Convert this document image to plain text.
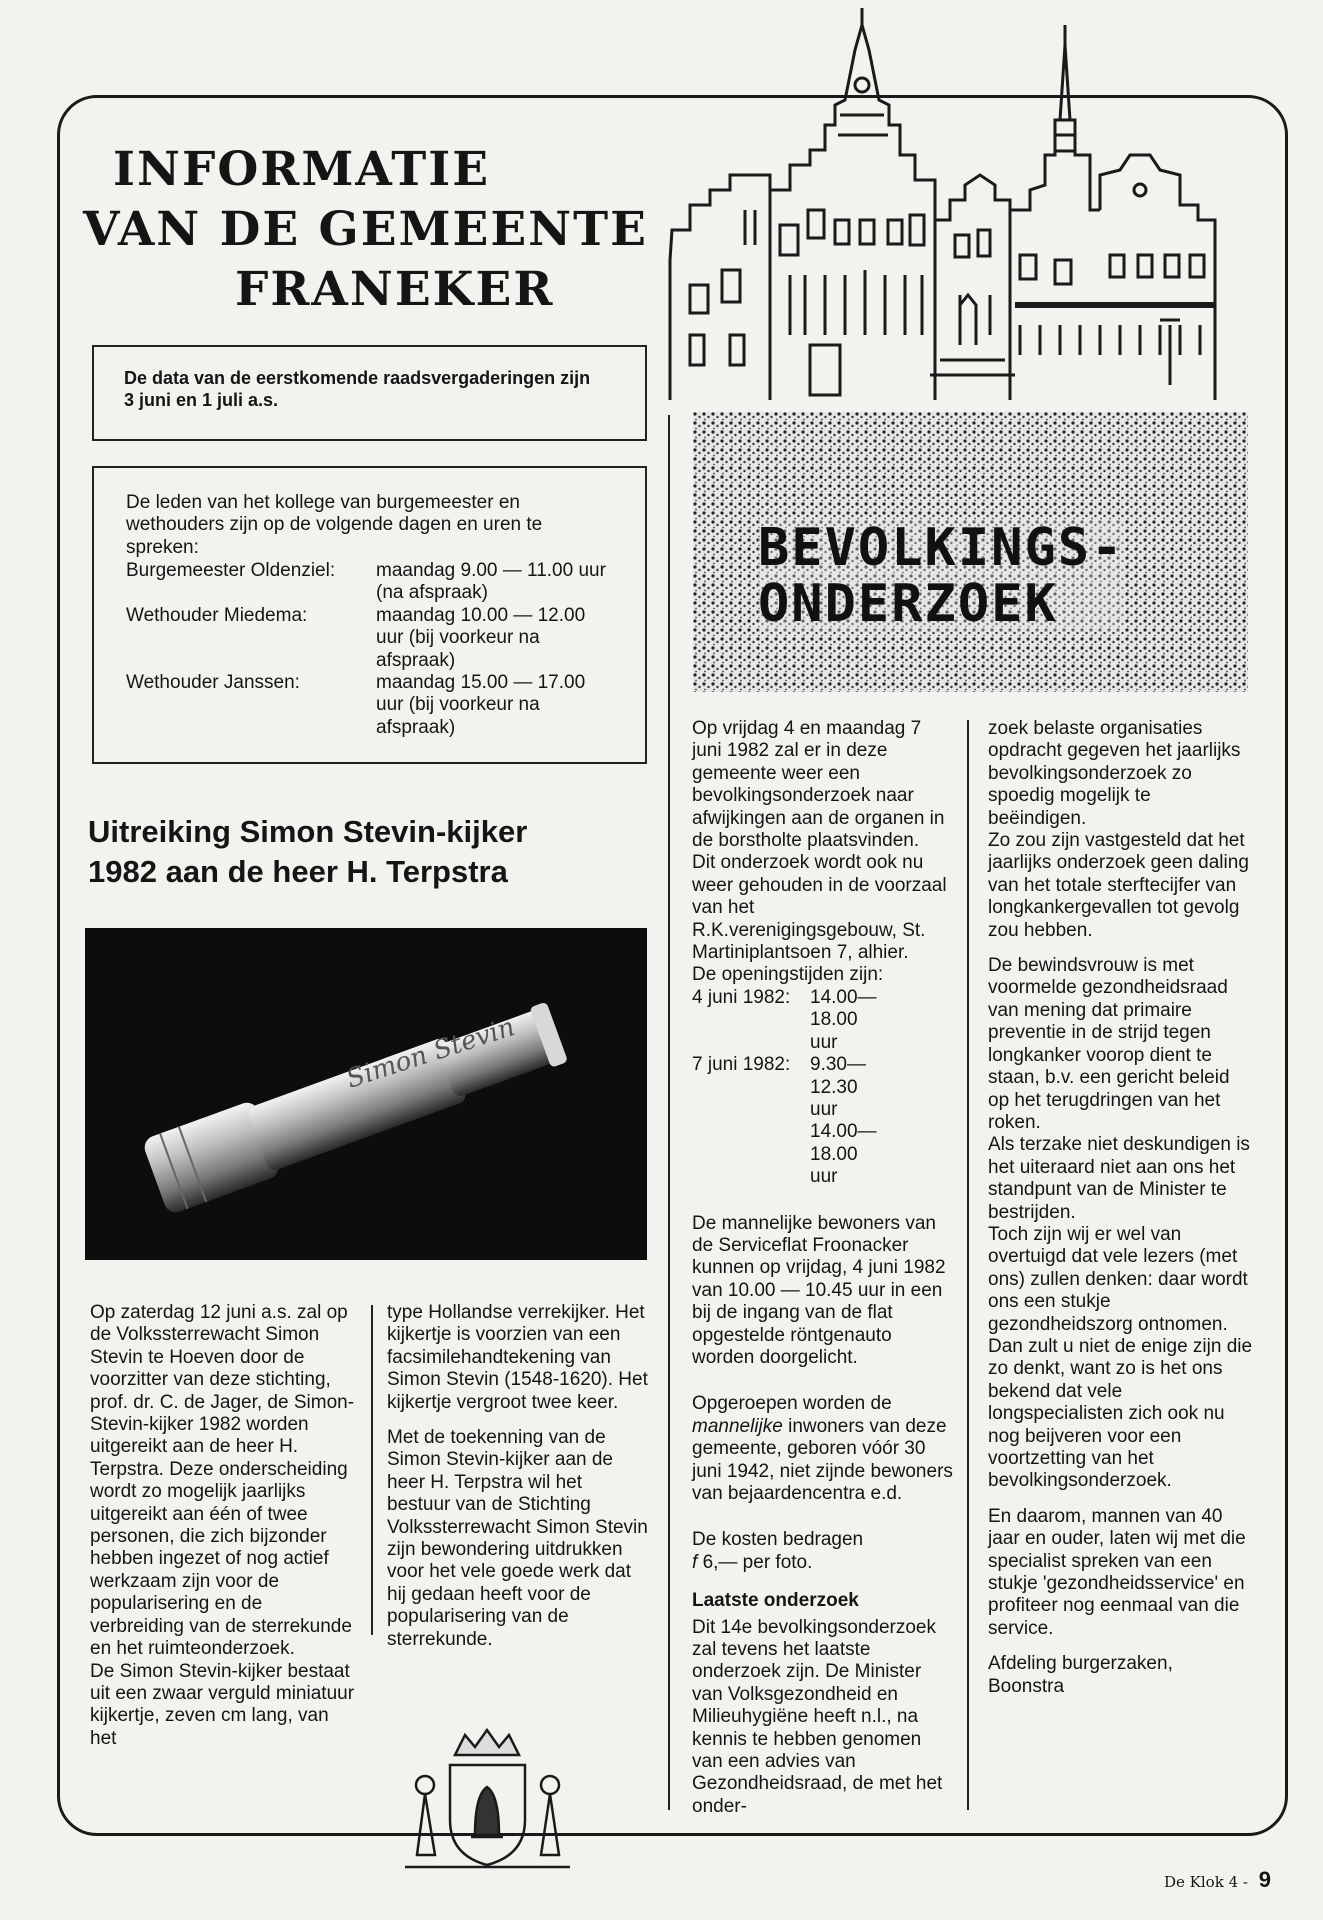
INFORMATIE
VAN DE GEMEENTE
FRANEKER
De data van de eerstkomende raadsvergaderingen zijn 3 juni en 1 juli a.s.
De leden van het kollege van burgemeester en wethouders zijn op de volgende dagen en uren te spreken:
Burgemeester Oldenziel:	maandag 9.00 — 11.00 uur (na afspraak)
Wethouder Miedema:	maandag 10.00 — 12.00 uur (bij voorkeur na afspraak)
Wethouder Janssen:	maandag 15.00 — 17.00 uur (bij voorkeur na afspraak)
Uitreiking Simon Stevin-kijker
1982 aan de heer H. Terpstra
Simon Stevin

Op zaterdag 12 juni a.s. zal op de Volkssterrewacht Simon Stevin te Hoeven door de voorzitter van deze stichting, prof. dr. C. de Jager, de Simon-Stevin-kijker 1982 worden uitgereikt aan de heer H. Terpstra. Deze onderscheiding wordt zo mogelijk jaarlijks uitgereikt aan één of twee personen, die zich bijzonder hebben ingezet of nog actief werkzaam zijn voor de popularisering en de verbreiding van de sterrekunde en het ruimteonderzoek.

De Simon Stevin-kijker bestaat uit een zwaar verguld miniatuur kijkertje, zeven cm lang, van het

type Hollandse verrekijker. Het kijkertje is voorzien van een facsimilehandtekening van Simon Stevin (1548-1620). Het kijkertje vergroot twee keer.

Met de toekenning van de Simon Stevin-kijker aan de heer H. Terpstra wil het bestuur van de Stichting Volkssterrewacht Simon Stevin zijn bewondering uitdrukken voor het vele goede werk dat hij gedaan heeft voor de popularisering van de sterrekunde.

BEVOLKINGS-
ONDERZOEK

Op vrijdag 4 en maandag 7 juni 1982 zal er in deze gemeente weer een bevolkingsonderzoek naar afwijkingen aan de organen in de borstholte plaatsvinden.

Dit onderzoek wordt ook nu weer gehouden in de voorzaal van het R.K.verenigingsgebouw, St. Martiniplantsoen 7, alhier.

De openingstijden zijn:

4 juni 1982:	14.00—18.00 uur
7 juni 1982:	9.30—12.30 uur
14.00—18.00 uur

De mannelijke bewoners van de Serviceflat Froonacker kunnen op vrijdag, 4 juni 1982 van 10.00 — 10.45 uur in een bij de ingang van de flat opgestelde röntgenauto worden doorgelicht.

Opgeroepen worden de mannelijke inwoners van deze gemeente, geboren vóór 30 juni 1942, niet zijnde bewoners van bejaardencentra e.d.

De kosten bedragen
f 6,— per foto.

Laatste onderzoek

Dit 14e bevolkingsonderzoek zal tevens het laatste onderzoek zijn. De Minister van Volksgezondheid en Milieuhygiëne heeft n.l., na kennis te hebben genomen van een advies van Gezondheidsraad, de met het onder-

zoek belaste organisaties opdracht gegeven het jaarlijks bevolkingsonderzoek zo spoedig mogelijk te beëindigen.

Zo zou zijn vastgesteld dat het jaarlijks onderzoek geen daling van het totale sterftecijfer van longkankergevallen tot gevolg zou hebben.

De bewindsvrouw is met voormelde gezondheidsraad van mening dat primaire preventie in de strijd tegen longkanker voorop dient te staan, b.v. een gericht beleid op het terugdringen van het roken.

Als terzake niet deskundigen is het uiteraard niet aan ons het standpunt van de Minister te bestrijden.

Toch zijn wij er wel van overtuigd dat vele lezers (met ons) zullen denken: daar wordt ons een stukje gezondheidszorg ontnomen.

Dan zult u niet de enige zijn die zo denkt, want zo is het ons bekend dat vele longspecialisten zich ook nu nog beijveren voor een voortzetting van het bevolkingsonderzoek.

En daarom, mannen van 40 jaar en ouder, laten wij met die specialist spreken van een stukje 'gezondheidsservice' en profiteer nog eenmaal van die service.

Afdeling burgerzaken,

Boonstra

De Klok 4 - 9
